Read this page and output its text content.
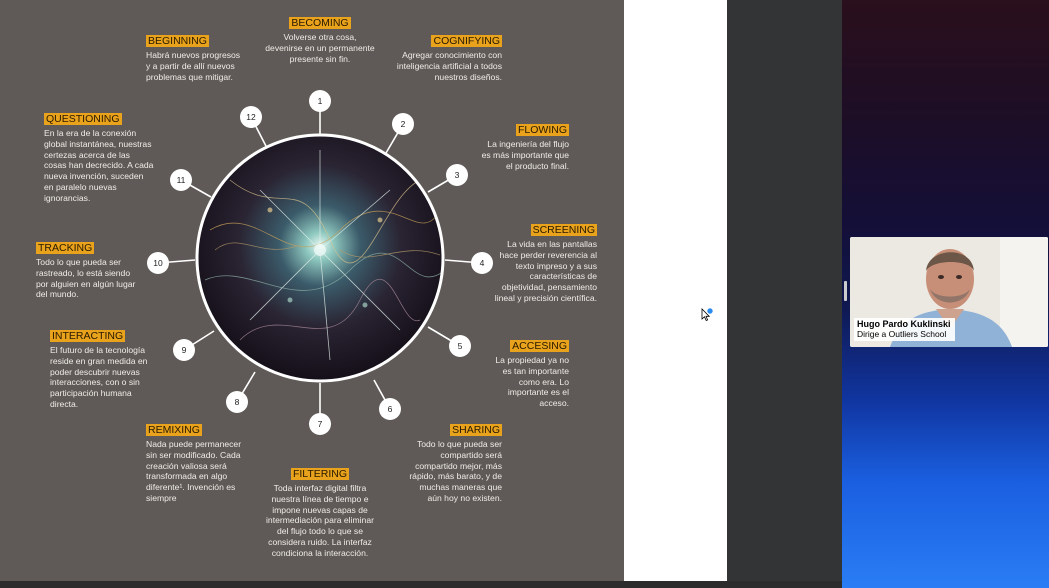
1
2
3
4
5
6
7
8
9
10
11
12
BECOMING
Volverse otra cosa, devenirse en un permanente presente sin fin.
COGNIFYING
Agregar conocimiento con inteligencia artificial a todos nuestros diseños.
FLOWING
La ingeniería del flujo es más importante que el producto final.
SCREENING
La vida en las pantallas hace perder reverencia al texto impreso y a sus características de objetividad, pensamiento lineal y precisión científica.
ACCESING
La propiedad ya no es tan importante como era. Lo importante es el acceso.
SHARING
Todo lo que pueda ser compartido será compartido mejor, más rápido, más barato, y de muchas maneras que aún hoy no existen.
FILTERING
Toda interfaz digital filtra nuestra línea de tiempo e impone nuevas capas de intermediación para eliminar del flujo todo lo que se considera ruido. La interfaz condiciona la interacción.
REMIXING
Nada puede permanecer sin ser modificado. Cada creación valiosa será transformada en algo diferente¹. Invención es siempre
INTERACTING
El futuro de la tecnología reside en gran medida en poder descubrir nuevas interacciones, con o sin participación humana directa.
TRACKING
Todo lo que pueda ser rastreado, lo está siendo por alguien en algún lugar del mundo.
QUESTIONING
En la era de la conexión global instantánea, nuestras certezas acerca de las cosas han decrecido. A cada nueva invención, suceden en paralelo nuevas ignorancias.
BEGINNING
Habrá nuevos progresos y a partir de allí nuevos problemas que mitigar.
Hugo Pardo Kuklinski
Dirige a Outliers School
